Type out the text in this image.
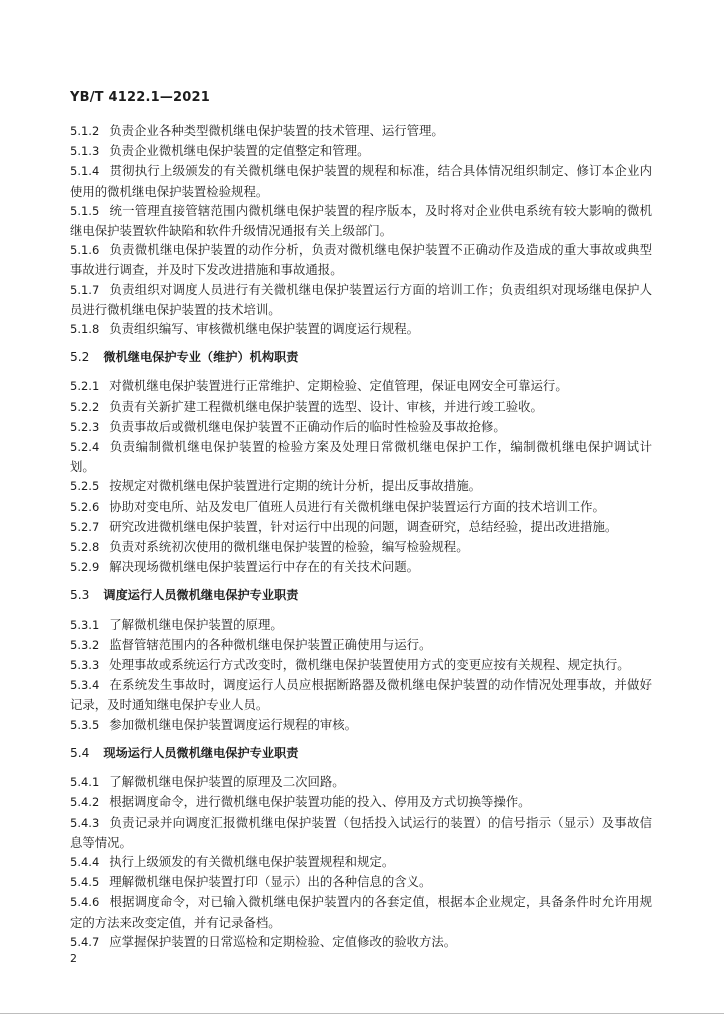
YB/T 4122.1—2021
5.1.2 负责企业各种类型微机继电保护装置的技术管理、运行管理。
5.1.3 负责企业微机继电保护装置的定值整定和管理。
5.1.4 贯彻执行上级颁发的有关微机继电保护装置的规程和标准，结合具体情况组织制定、修订本企业内使用的微机继电保护装置检验规程。
5.1.5 统一管理直接管辖范围内微机继电保护装置的程序版本，及时将对企业供电系统有较大影响的微机继电保护装置软件缺陷和软件升级情况通报有关上级部门。
5.1.6 负责微机继电保护装置的动作分析，负责对微机继电保护装置不正确动作及造成的重大事故或典型事故进行调查，并及时下发改进措施和事故通报。
5.1.7 负责组织对调度人员进行有关微机继电保护装置运行方面的培训工作；负责组织对现场继电保护人员进行微机继电保护装置的技术培训。
5.1.8 负责组织编写、审核微机继电保护装置的调度运行规程。
5.2 微机继电保护专业（维护）机构职责
5.2.1 对微机继电保护装置进行正常维护、定期检验、定值管理，保证电网安全可靠运行。
5.2.2 负责有关新扩建工程微机继电保护装置的选型、设计、审核，并进行竣工验收。
5.2.3 负责事故后或微机继电保护装置不正确动作后的临时性检验及事故抢修。
5.2.4 负责编制微机继电保护装置的检验方案及处理日常微机继电保护工作，编制微机继电保护调试计划。
5.2.5 按规定对微机继电保护装置进行定期的统计分析，提出反事故措施。
5.2.6 协助对变电所、站及发电厂值班人员进行有关微机继电保护装置运行方面的技术培训工作。
5.2.7 研究改进微机继电保护装置，针对运行中出现的问题，调查研究，总结经验，提出改进措施。
5.2.8 负责对系统初次使用的微机继电保护装置的检验，编写检验规程。
5.2.9 解决现场微机继电保护装置运行中存在的有关技术问题。
5.3 调度运行人员微机继电保护专业职责
5.3.1 了解微机继电保护装置的原理。
5.3.2 监督管辖范围内的各种微机继电保护装置正确使用与运行。
5.3.3 处理事故或系统运行方式改变时，微机继电保护装置使用方式的变更应按有关规程、规定执行。
5.3.4 在系统发生事故时，调度运行人员应根据断路器及微机继电保护装置的动作情况处理事故，并做好记录，及时通知继电保护专业人员。
5.3.5 参加微机继电保护装置调度运行规程的审核。
5.4 现场运行人员微机继电保护专业职责
5.4.1 了解微机继电保护装置的原理及二次回路。
5.4.2 根据调度命令，进行微机继电保护装置功能的投入、停用及方式切换等操作。
5.4.3 负责记录并向调度汇报微机继电保护装置（包括投入试运行的装置）的信号指示（显示）及事故信息等情况。
5.4.4 执行上级颁发的有关微机继电保护装置规程和规定。
5.4.5 理解微机继电保护装置打印（显示）出的各种信息的含义。
5.4.6 根据调度命令，对已输入微机继电保护装置内的各套定值，根据本企业规定，具备条件时允许用规定的方法来改变定值，并有记录备档。
5.4.7 应掌握保护装置的日常巡检和定期检验、定值修改的验收方法。
2
